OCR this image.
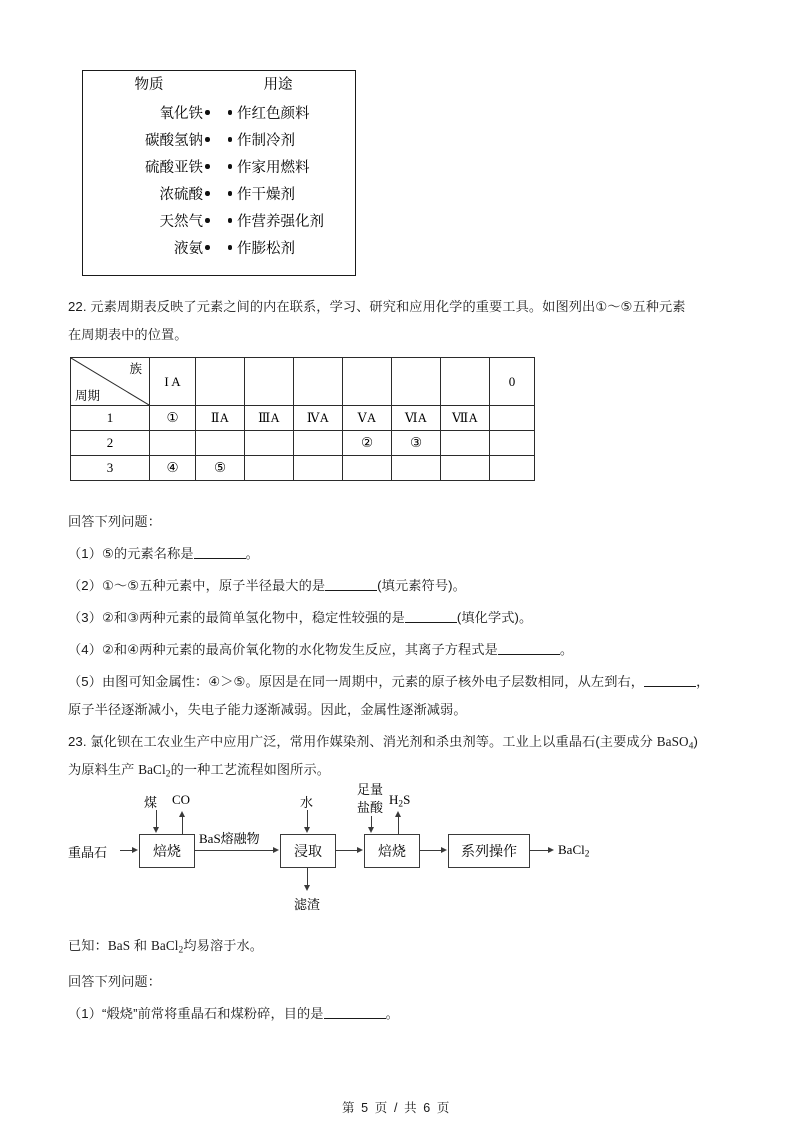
物质	用途
氧化铁	作红色颜料
碳酸氢钠	作制冷剂
硫酸亚铁	作家用燃料
浓硫酸	作干燥剂
天然气	作营养强化剂
液氨	作膨松剂
22. 元素周期表反映了元素之间的内在联系，学习、研究和应用化学的重要工具。如图列出①～⑤五种元素
在周期表中的位置。
族
周期	I A							0
1	①	ⅡA	ⅢA	ⅣA	ⅤA	ⅥA	ⅦA	
2					②	③		
3	④	⑤						
回答下列问题：
（1）⑤的元素名称是	。
（2）①～⑤五种元素中，原子半径最大的是	(填元素符号)。
（3）②和③两种元素的最简单氢化物中，稳定性较强的是	(填化学式)。
（4）②和④两种元素的最高价氧化物的水化物发生反应，其离子方程式是	。
（5）由图可知金属性：④＞⑤。原因是在同一周期中，元素的原子核外电子层数相同，从左到右，	，
原子半径逐渐减小，失电子能力逐渐减弱。因此，金属性逐渐减弱。
23. 氯化钡在工农业生产中应用广泛，常用作媒染剂、消光剂和杀虫剂等。工业上以重晶石(主要成分 BaSO$_4$)
为原料生产 BaCl$_2$的一种工艺流程如图所示。
重晶石	焙烧
煤 CO
BaS熔融物
浸取
水
滤渣
焙烧
足量
盐酸
$H_2S$
系列操作	BaCl$_2$
已知：BaS 和 BaCl$_2$均易溶于水。
回答下列问题：
（1）“煅烧”前常将重晶石和煤粉碎，目的是	。
第 5 页 / 共 6 页
